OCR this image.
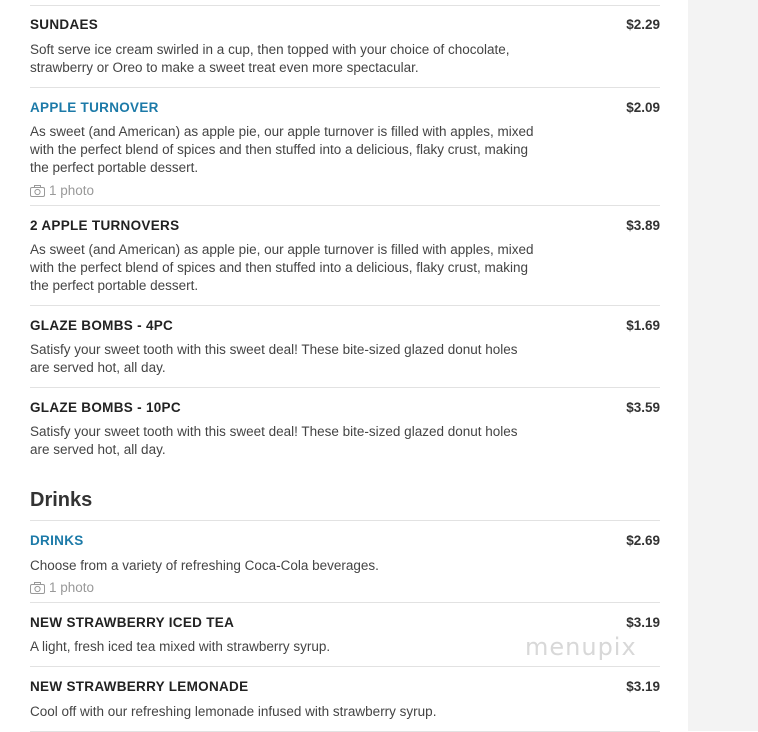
SUNDAES	$2.29
Soft serve ice cream swirled in a cup, then topped with your choice of chocolate, strawberry or Oreo to make a sweet treat even more spectacular.
APPLE TURNOVER	$2.09
As sweet (and American) as apple pie, our apple turnover is filled with apples, mixed with the perfect blend of spices and then stuffed into a delicious, flaky crust, making the perfect portable dessert.
1 photo
2 APPLE TURNOVERS	$3.89
As sweet (and American) as apple pie, our apple turnover is filled with apples, mixed with the perfect blend of spices and then stuffed into a delicious, flaky crust, making the perfect portable dessert.
GLAZE BOMBS - 4PC	$1.69
Satisfy your sweet tooth with this sweet deal! These bite-sized glazed donut holes are served hot, all day.
GLAZE BOMBS - 10PC	$3.59
Satisfy your sweet tooth with this sweet deal! These bite-sized glazed donut holes are served hot, all day.
Drinks
DRINKS	$2.69
Choose from a variety of refreshing Coca-Cola beverages.
1 photo
NEW STRAWBERRY ICED TEA	$3.19
A light, fresh iced tea mixed with strawberry syrup.
NEW STRAWBERRY LEMONADE	$3.19
Cool off with our refreshing lemonade infused with strawberry syrup.
menupix
